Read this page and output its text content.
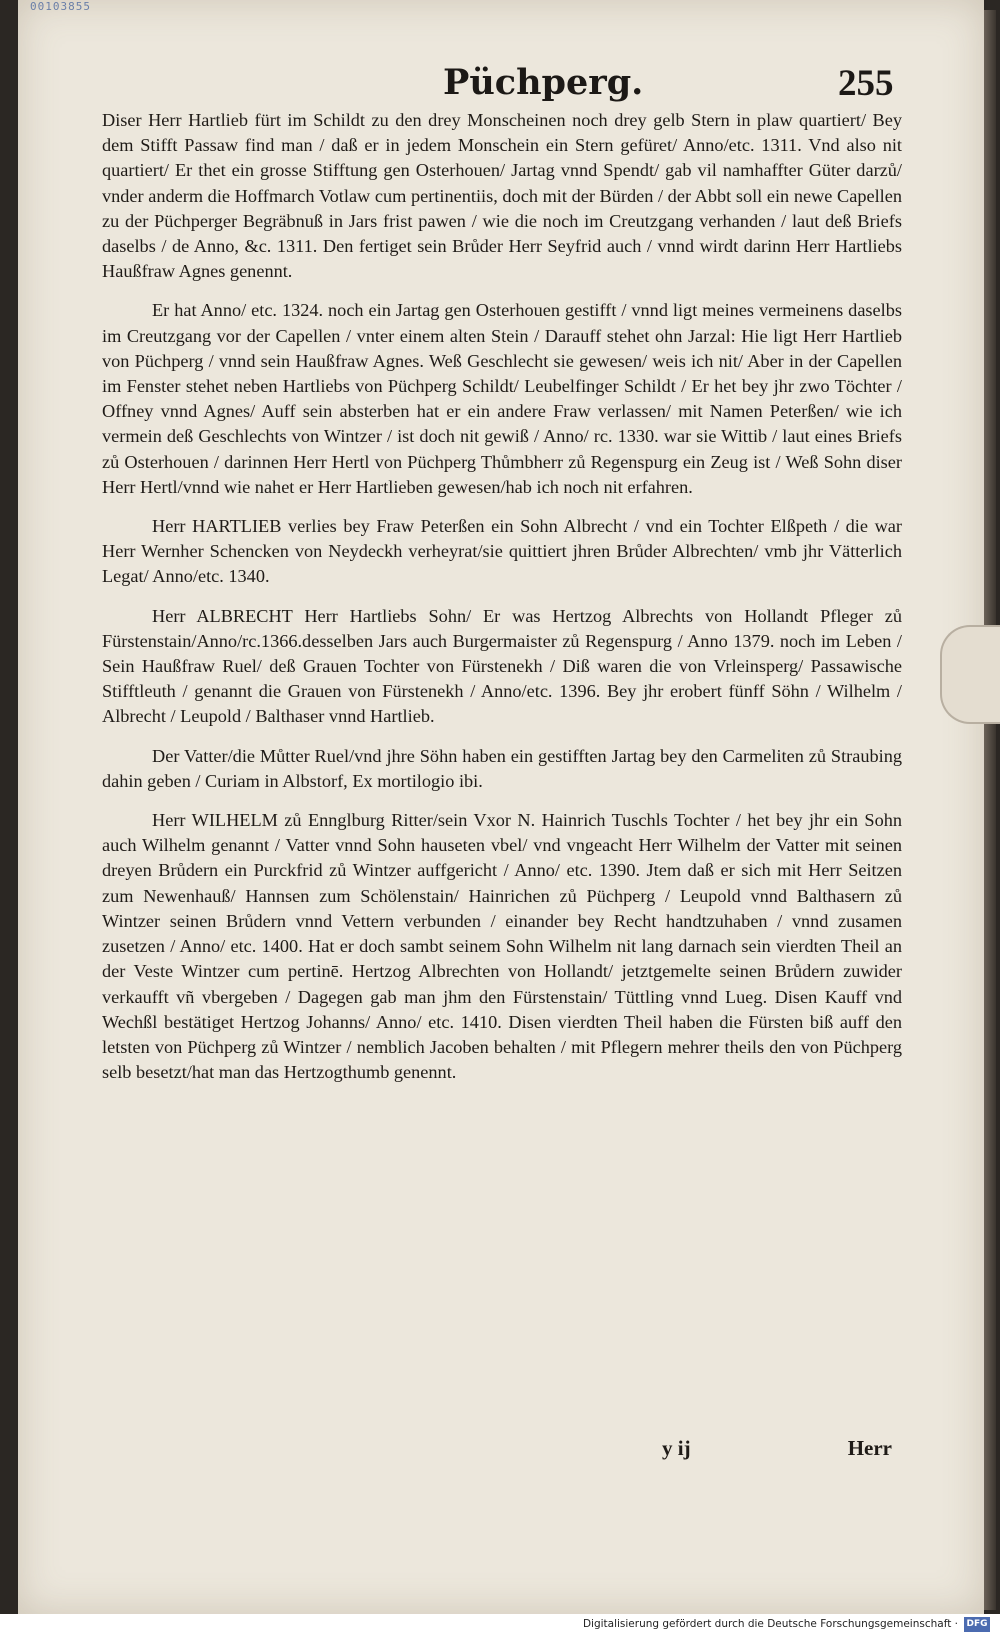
00103855
Püchperg.	255

Diser Herr Hartlieb fürt im Schildt zu den drey Monscheinen noch drey gelb Stern in plaw quartiert/ Bey dem Stifft Passaw find man / daß er in jedem Monschein ein Stern gefüret/ Anno/etc. 1311. Vnd also nit quartiert/ Er thet ein grosse Stifftung gen Osterhouen/ Jartag vnnd Spendt/ gab vil namhaffter Güter darzů/ vnder anderm die Hoffmarch Votlaw cum pertinentiis, doch mit der Bürden / der Abbt soll ein newe Capellen zu der Püchperger Begräbnuß in Jars frist pawen / wie die noch im Creutzgang verhanden / laut deß Briefs daselbs / de Anno, &c. 1311. Den fertiget sein Brůder Herr Seyfrid auch / vnnd wirdt darinn Herr Hartliebs Haußfraw Agnes genennt.

Er hat Anno/ etc. 1324. noch ein Jartag gen Osterhouen gestifft / vnnd ligt meines vermeinens daselbs im Creutzgang vor der Capellen / vnter einem alten Stein / Darauff stehet ohn Jarzal: Hie ligt Herr Hartlieb von Püchperg / vnnd sein Haußfraw Agnes. Weß Geschlecht sie gewesen/ weis ich nit/ Aber in der Capellen im Fenster stehet neben Hartliebs von Püchperg Schildt/ Leubelfinger Schildt / Er het bey jhr zwo Töchter / Offney vnnd Agnes/ Auff sein absterben hat er ein andere Fraw verlassen/ mit Namen Peterßen/ wie ich vermein deß Geschlechts von Wintzer / ist doch nit gewiß / Anno/ rc. 1330. war sie Wittib / laut eines Briefs zů Osterhouen / darinnen Herr Hertl von Püchperg Thůmbherr zů Regenspurg ein Zeug ist / Weß Sohn diser Herr Hertl/vnnd wie nahet er Herr Hartlieben gewesen/hab ich noch nit erfahren.

Herr HARTLIEB verlies bey Fraw Peterßen ein Sohn Albrecht / vnd ein Tochter Elßpeth / die war Herr Wernher Schencken von Neydeckh verheyrat/sie quittiert jhren Brůder Albrechten/ vmb jhr Vätterlich Legat/ Anno/etc. 1340.

Herr ALBRECHT Herr Hartliebs Sohn/ Er was Hertzog Albrechts von Hollandt Pfleger zů Fürstenstain/Anno/rc.1366.desselben Jars auch Burgermaister zů Regenspurg / Anno 1379. noch im Leben / Sein Haußfraw Ruel/ deß Grauen Tochter von Fürstenekh / Diß waren die von Vrleinsperg/ Passawische Stifftleuth / genannt die Grauen von Fürstenekh / Anno/etc. 1396. Bey jhr erobert fünff Söhn / Wilhelm / Albrecht / Leupold / Balthaser vnnd Hartlieb.

Der Vatter/die Můtter Ruel/vnd jhre Söhn haben ein gestifften Jartag bey den Carmeliten zů Straubing dahin geben / Curiam in Albstorf, Ex mortilogio ibi.

Herr WILHELM zů Ennglburg Ritter/sein Vxor N. Hainrich Tuschls Tochter / het bey jhr ein Sohn auch Wilhelm genannt / Vatter vnnd Sohn hauseten vbel/ vnd vngeacht Herr Wilhelm der Vatter mit seinen dreyen Brůdern ein Purckfrid zů Wintzer auffgericht / Anno/ etc. 1390. Jtem daß er sich mit Herr Seitzen zum Newenhauß/ Hannsen zum Schölenstain/ Hainrichen zů Püchperg / Leupold vnnd Balthasern zů Wintzer seinen Brůdern vnnd Vettern verbunden / einander bey Recht handtzuhaben / vnnd zusamen zusetzen / Anno/ etc. 1400. Hat er doch sambt seinem Sohn Wilhelm nit lang darnach sein vierdten Theil an der Veste Wintzer cum pertinē. Hertzog Albrechten von Hollandt/ jetztgemelte seinen Brůdern zuwider verkaufft vñ vbergeben / Dagegen gab man jhm den Fürstenstain/ Tüttling vnnd Lueg. Disen Kauff vnd Wechßl bestätiget Hertzog Johanns/ Anno/ etc. 1410. Disen vierdten Theil haben die Fürsten biß auff den letsten von Püchperg zů Wintzer / nemblich Jacoben behalten / mit Pflegern mehrer theils den von Püchperg selb besetzt/hat man das Hertzogthumb genennt.

y ij	Herr
Digitalisierung gefördert durch die Deutsche Forschungsgemeinschaft · DFG
